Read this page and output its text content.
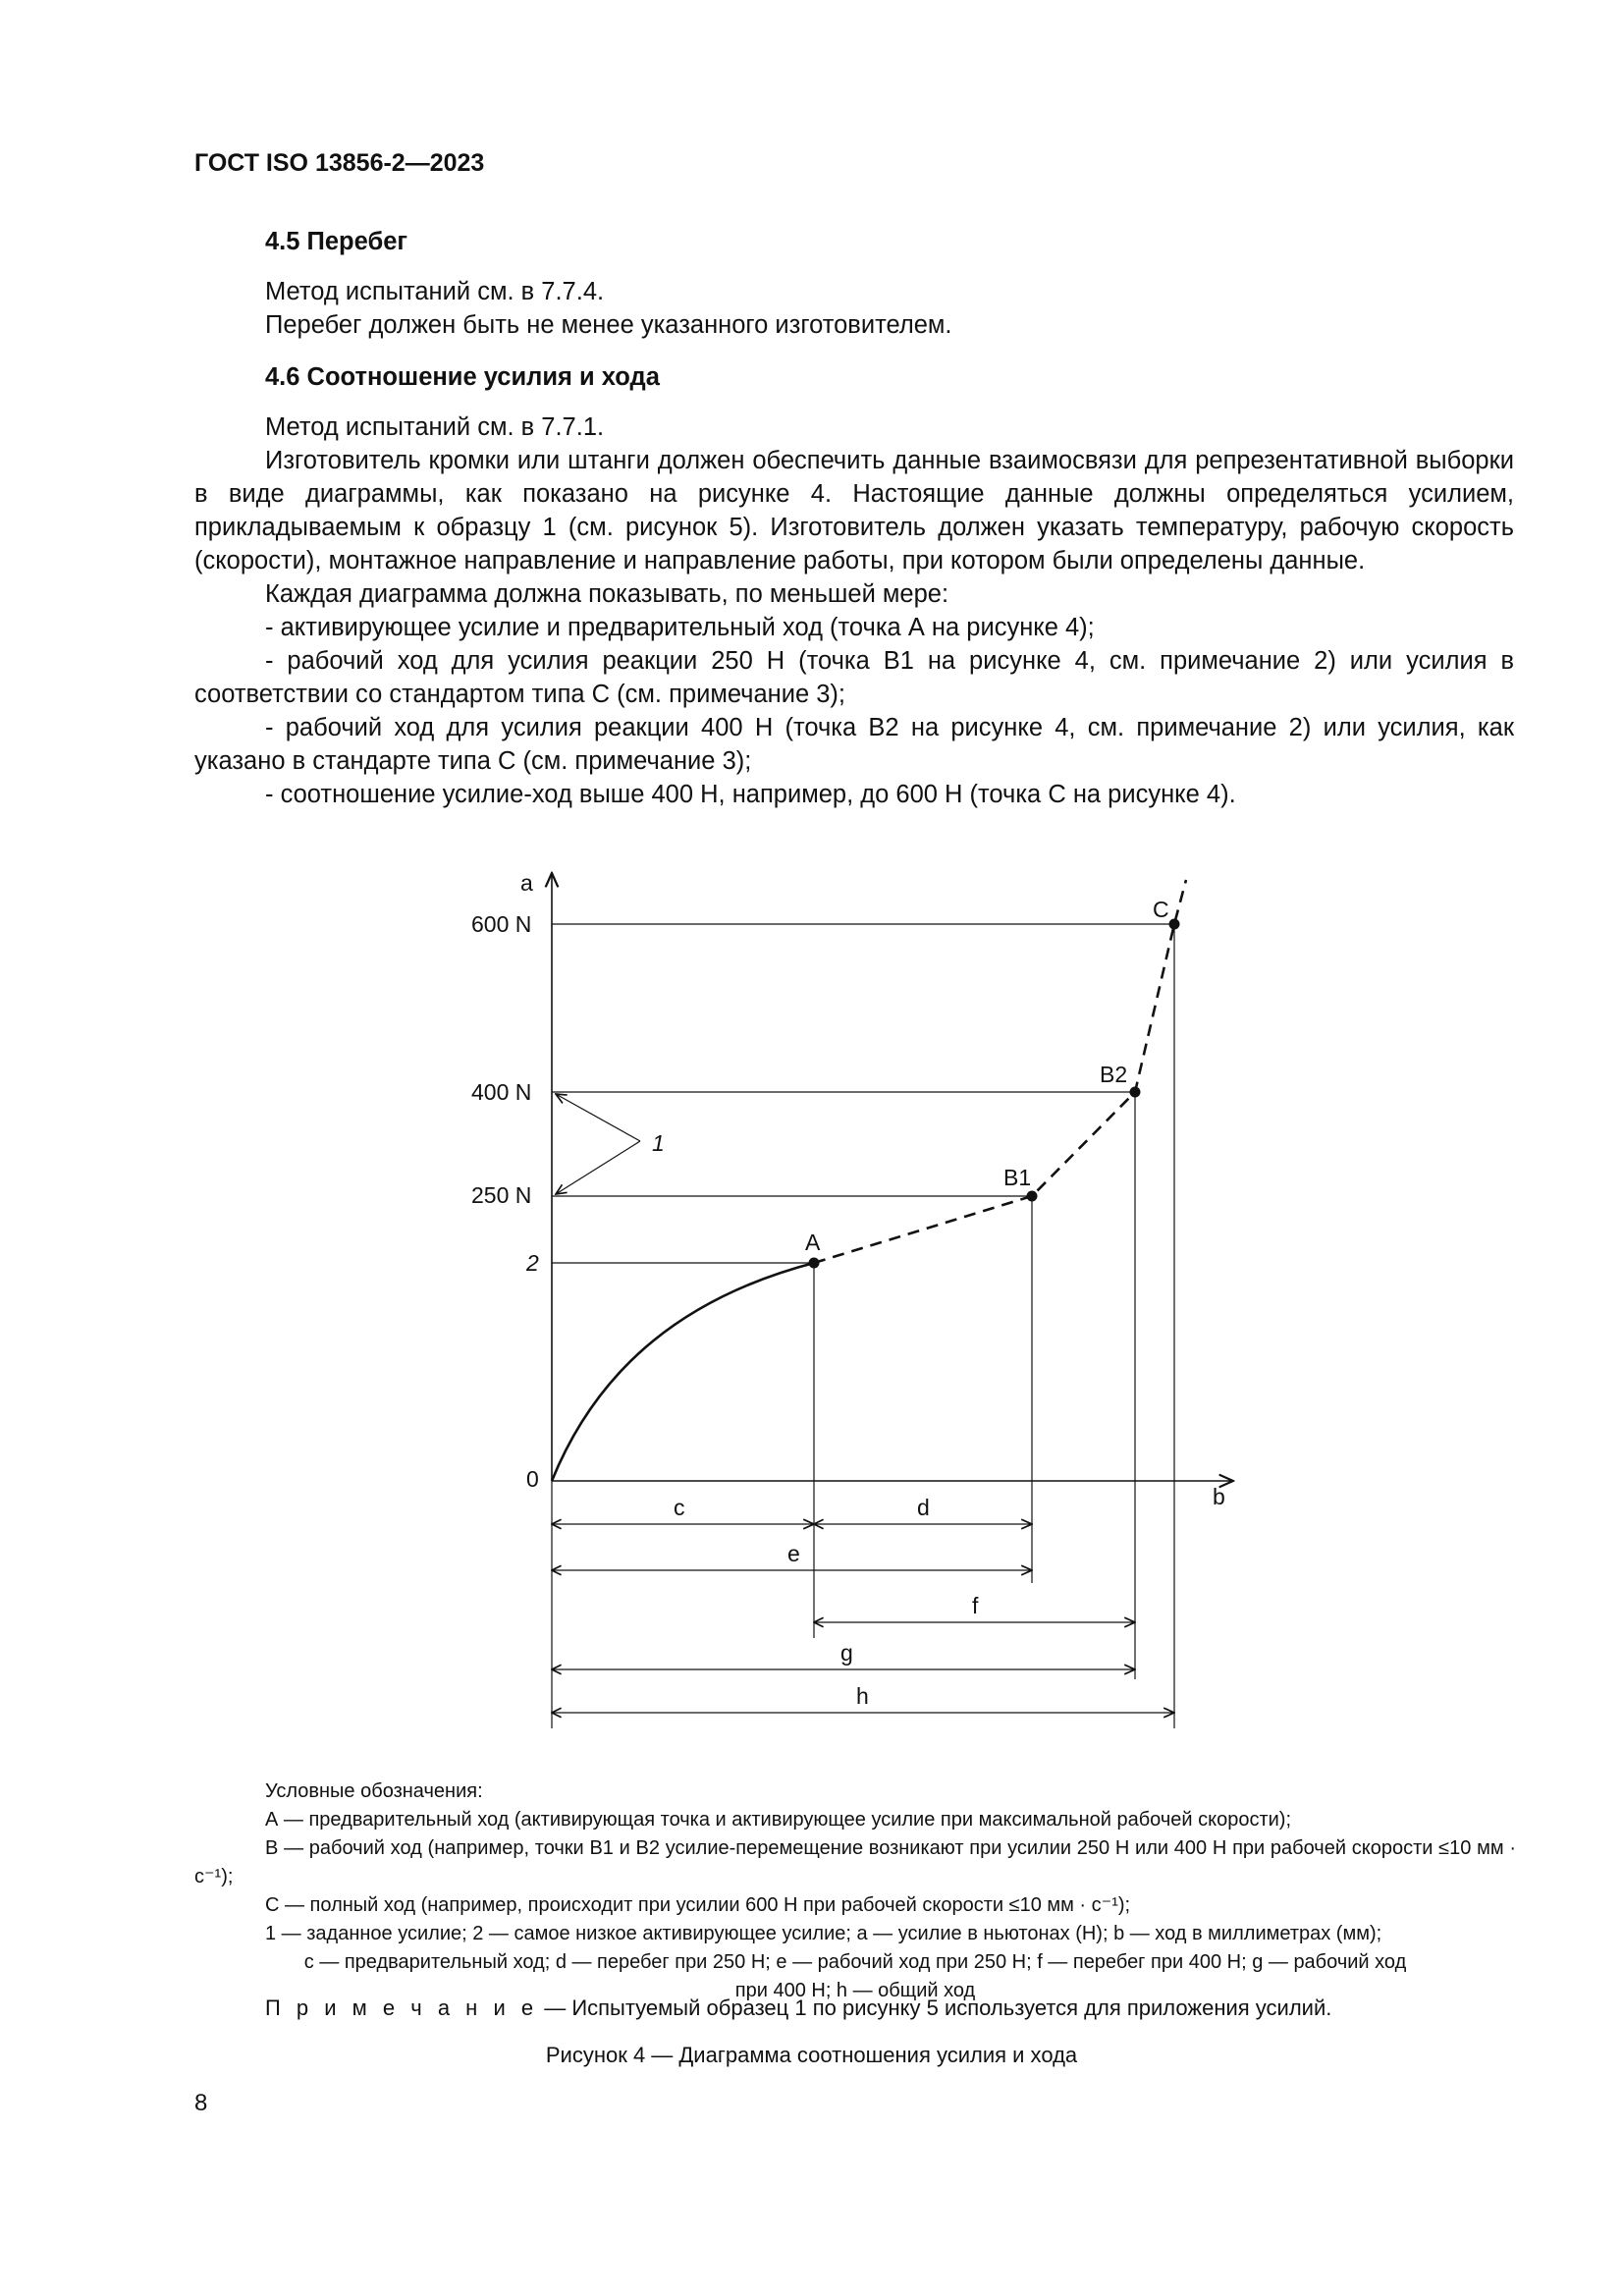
ГОСТ ISO 13856-2—2023
4.5 Перебег

Метод испытаний см. в 7.7.4.

Перебег должен быть не менее указанного изготовителем.

4.6 Соотношение усилия и хода

Метод испытаний см. в 7.7.1.

Изготовитель кромки или штанги должен обеспечить данные взаимосвязи для репрезентативной выборки в виде диаграммы, как показано на рисунке 4. Настоящие данные должны определяться усилием, прикладываемым к образцу 1 (см. рисунок 5). Изготовитель должен указать температуру, рабочую скорость (скорости), монтажное направление и направление работы, при котором были определены данные.

Каждая диаграмма должна показывать, по меньшей мере:

- активирующее усилие и предварительный ход (точка А на рисунке 4);

- рабочий ход для усилия реакции 250 Н (точка B1 на рисунке 4, см. примечание 2) или усилия в соответствии со стандартом типа С (см. примечание 3);

- рабочий ход для усилия реакции 400 Н (точка B2 на рисунке 4, см. примечание 2) или усилия, как указано в стандарте типа С (см. примечание 3);

- соотношение усилие-ход выше 400 Н, например, до 600 Н (точка С на рисунке 4).

a
b
0
600 N
400 N
250 N
2
1
A
B1
B2
C
c	d
e
f
g
h

Условные обозначения:

А — предварительный ход (активирующая точка и активирующее усилие при максимальной рабочей скорости);

В — рабочий ход (например, точки B1 и B2 усилие-перемещение возникают при усилии 250 Н или 400 Н при рабочей скорости ≤10 мм · с⁻¹);

С — полный ход (например, происходит при усилии 600 Н при рабочей скорости ≤10 мм · с⁻¹);

1 — заданное усилие; 2 — самое низкое активирующее усилие; a — усилие в ньютонах (Н); b — ход в миллиметрах (мм);

c — предварительный ход; d — перебег при 250 Н; e — рабочий ход при 250 Н; f — перебег при 400 Н; g — рабочий ход

при 400 Н; h — общий ход

П р и м е ч а н и е — Испытуемый образец 1 по рисунку 5 используется для приложения усилий.
Рисунок 4 — Диаграмма соотношения усилия и хода
8
